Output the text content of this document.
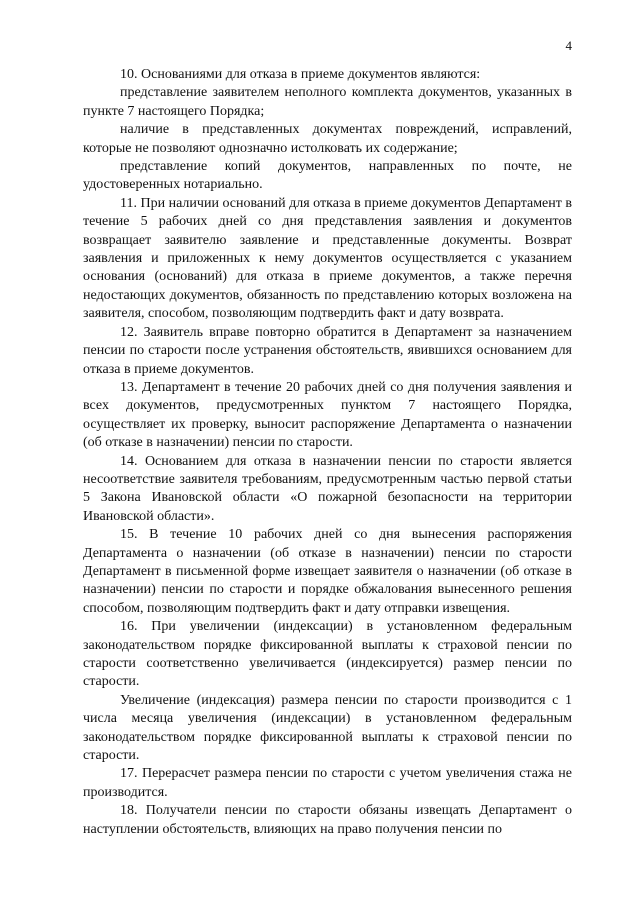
4

10. Основаниями для отказа в приеме документов являются:

представление заявителем неполного комплекта документов, указанных в пункте 7 настоящего Порядка;

наличие в представленных документах повреждений, исправлений, которые не позволяют однозначно истолковать их содержание;

представление копий документов, направленных по почте, не удостоверенных нотариально.

11. При наличии оснований для отказа в приеме документов Департамент в течение 5 рабочих дней со дня представления заявления и документов возвращает заявителю заявление и представленные документы. Возврат заявления и приложенных к нему документов осуществляется с указанием основания (оснований) для отказа в приеме документов, а также перечня недостающих документов, обязанность по представлению которых возложена на заявителя, способом, позволяющим подтвердить факт и дату возврата.

12. Заявитель вправе повторно обратится в Департамент за назначением пенсии по старости после устранения обстоятельств, явившихся основанием для отказа в приеме документов.

13. Департамент в течение 20 рабочих дней со дня получения заявления и всех документов, предусмотренных пунктом 7 настоящего Порядка, осуществляет их проверку, выносит распоряжение Департамента о назначении (об отказе в назначении) пенсии по старости.

14. Основанием для отказа в назначении пенсии по старости является несоответствие заявителя требованиям, предусмотренным частью первой статьи 5 Закона Ивановской области «О пожарной безопасности на территории Ивановской области».

15. В течение 10 рабочих дней со дня вынесения распоряжения Департамента о назначении (об отказе в назначении) пенсии по старости Департамент в письменной форме извещает заявителя о назначении (об отказе в назначении) пенсии по старости и порядке обжалования вынесенного решения способом, позволяющим подтвердить факт и дату отправки извещения.

16. При увеличении (индексации) в установленном федеральным законодательством порядке фиксированной выплаты к страховой пенсии по старости соответственно увеличивается (индексируется) размер пенсии по старости.

Увеличение (индексация) размера пенсии по старости производится с 1 числа месяца увеличения (индексации) в установленном федеральным законодательством порядке фиксированной выплаты к страховой пенсии по старости.

17. Перерасчет размера пенсии по старости с учетом увеличения стажа не производится.

18. Получатели пенсии по старости обязаны извещать Департамент о наступлении обстоятельств, влияющих на право получения пенсии по
